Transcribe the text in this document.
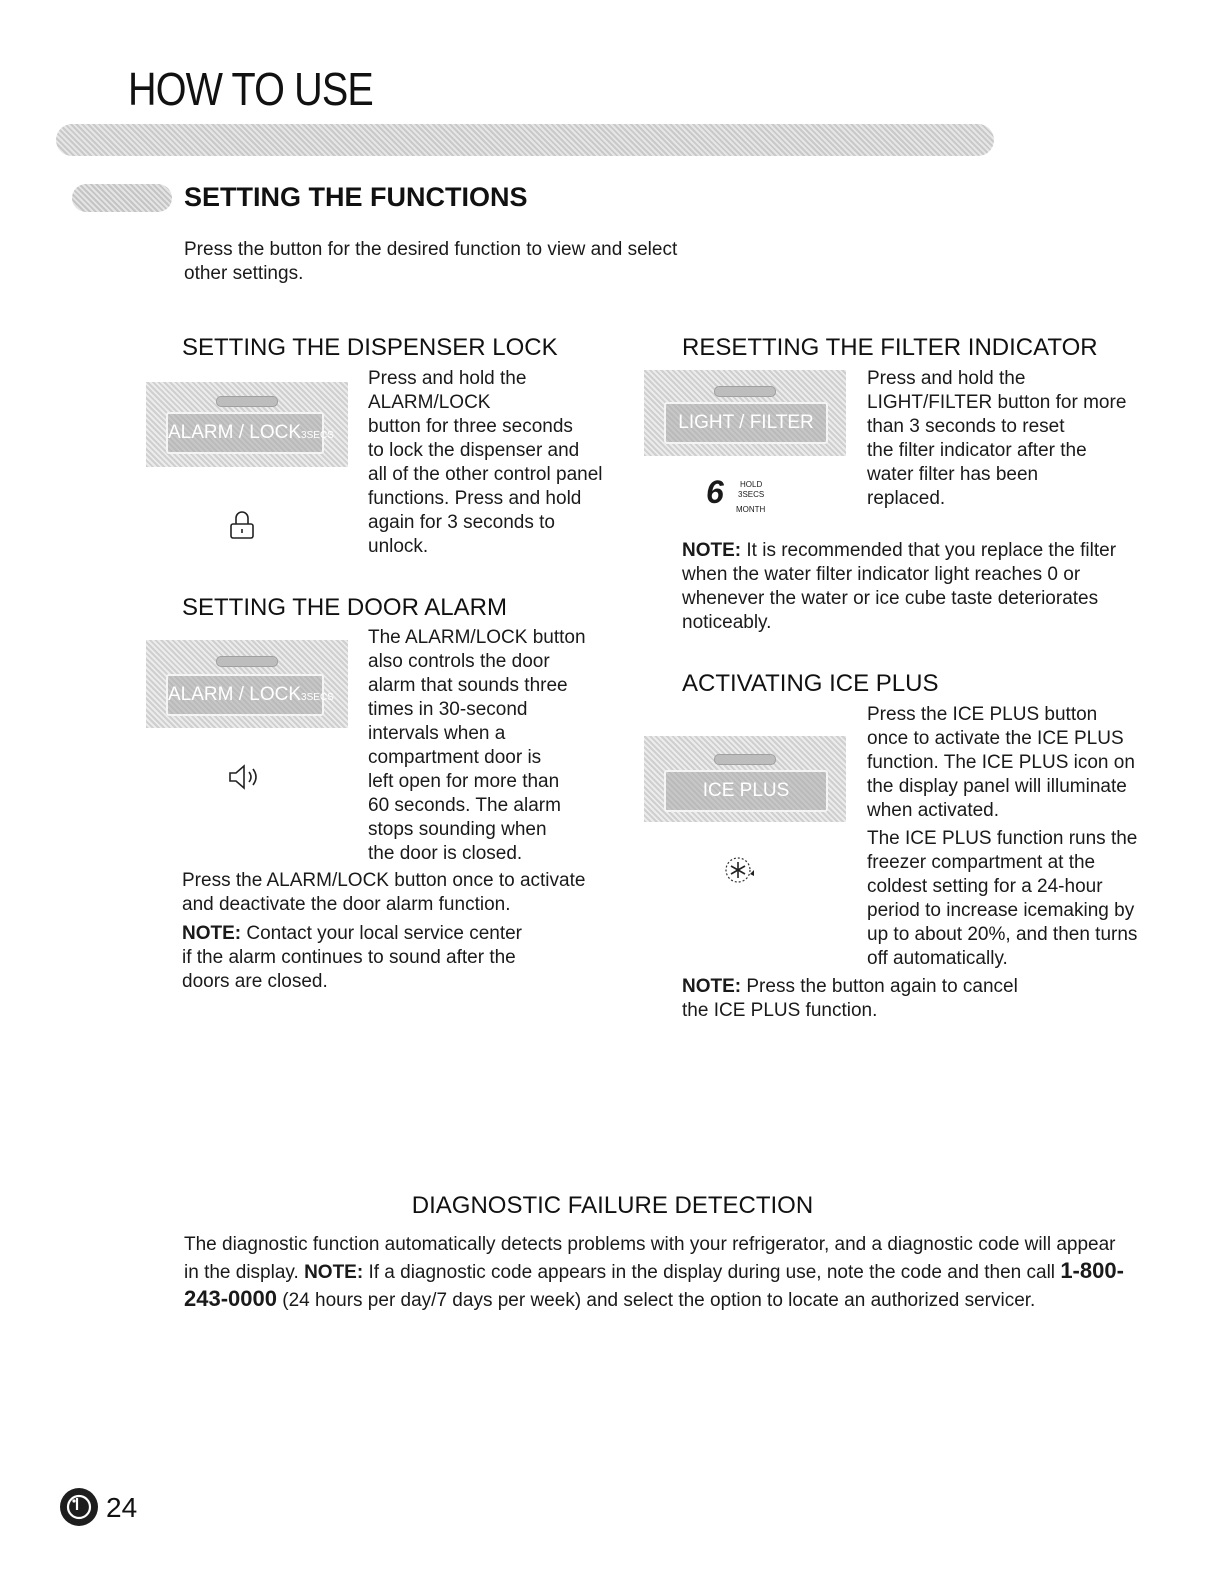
HOW TO USE
SETTING THE FUNCTIONS
Press the button for the desired function to view and select other settings.
SETTING THE DISPENSER LOCK
ALARM / LOCK3SECS
Press and hold the
ALARM/LOCK
button for three seconds
to lock the dispenser and
all of the other control panel
functions. Press and hold
again for 3 seconds to
unlock.
SETTING THE DOOR ALARM
ALARM / LOCK3SECS
The ALARM/LOCK button
also controls the door
alarm that sounds three
times in 30-second
intervals when a
compartment door is
left open for more than
60 seconds. The alarm
stops sounding when
the door is closed.
Press the ALARM/LOCK button once to activate
and deactivate the door alarm function.
NOTE: Contact your local service center
if the alarm continues to sound after the
doors are closed.
RESETTING THE FILTER INDICATOR
LIGHT / FILTER
6 HOLD
3SECS
MONTH
Press and hold the
LIGHT/FILTER button for more
than 3 seconds to reset
the filter indicator after the
water filter has been
replaced.
NOTE: It is recommended that you replace the filter
when the water filter indicator light reaches 0 or
whenever the water or ice cube taste deteriorates
noticeably.
ACTIVATING ICE PLUS
ICE PLUS
Press the ICE PLUS button
once to activate the ICE PLUS
function. The ICE PLUS icon on
the display panel will illuminate
when activated.
The ICE PLUS function runs the
freezer compartment at the
coldest setting for a 24-hour
period to increase icemaking by
up to about 20%, and then turns
off automatically.
NOTE: Press the button again to cancel
the ICE PLUS function.
DIAGNOSTIC FAILURE DETECTION
The diagnostic function automatically detects problems with your refrigerator, and a diagnostic code will appear in the display. NOTE: If a diagnostic code appears in the display during use, note the code and then call 1-800-243-0000 (24 hours per day/7 days per week) and select the option to locate an authorized servicer.
24
